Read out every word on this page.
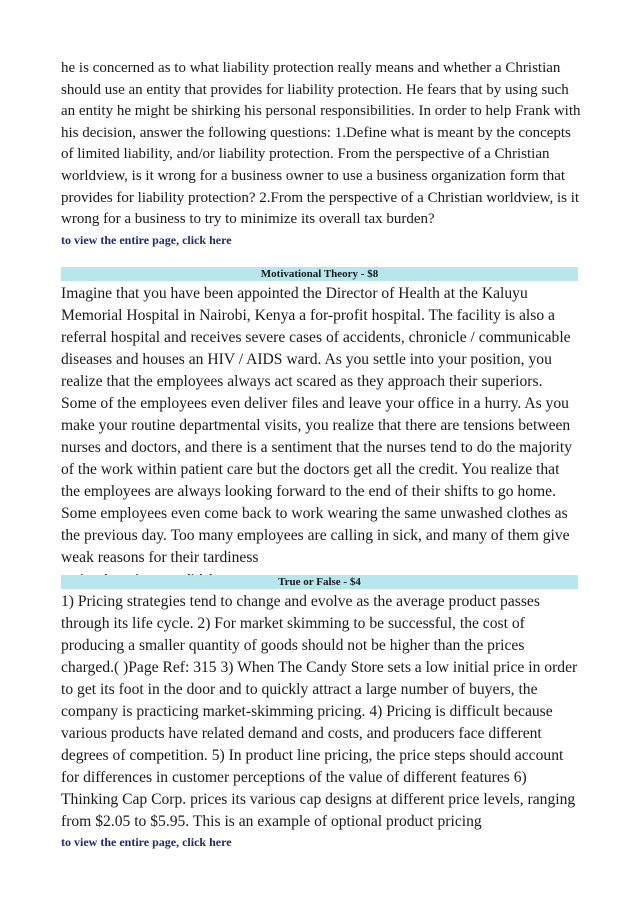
he is concerned as to what liability protection really means and whether a Christian should use an entity that provides for liability protection. He fears that by using such an entity he might be shirking his personal responsibilities. In order to help Frank with his decision, answer the following questions: 1.Define what is meant by the concepts of limited liability, and/or liability protection. From the perspective of a Christian worldview, is it wrong for a business owner to use a business organization form that provides for liability protection? 2.From the perspective of a Christian worldview, is it wrong for a business to try to minimize its overall tax burden?

to view the entire page, click here
Motivational Theory - $8

Imagine that you have been appointed the Director of Health at the Kaluyu Memorial Hospital in Nairobi, Kenya a for-profit hospital. The facility is also a referral hospital and receives severe cases of accidents, chronicle / communicable diseases and houses an HIV / AIDS ward. As you settle into your position, you realize that the employees always act scared as they approach their superiors. Some of the employees even deliver files and leave your office in a hurry. As you make your routine departmental visits, you realize that there are tensions between nurses and doctors, and there is a sentiment that the nurses tend to do the majority of the work within patient care but the doctors get all the credit. You realize that the employees are always looking forward to the end of their shifts to go home. Some employees even come back to work wearing the same unwashed clothes as the previous day. Too many employees are calling in sick, and many of them give weak reasons for their tardiness

True or False - $4

1) Pricing strategies tend to change and evolve as the average product passes through its life cycle. 2) For market skimming to be successful, the cost of producing a smaller quantity of goods should not be higher than the prices charged.( )Page Ref: 315 3) When The Candy Store sets a low initial price in order to get its foot in the door and to quickly attract a large number of buyers, the company is practicing market-skimming pricing. 4) Pricing is difficult because various products have related demand and costs, and producers face different degrees of competition. 5) In product line pricing, the price steps should account for differences in customer perceptions of the value of different features 6) Thinking Cap Corp. prices its various cap designs at different price levels, ranging from $2.05 to $5.95. This is an example of optional product pricing

to view the entire page, click here
